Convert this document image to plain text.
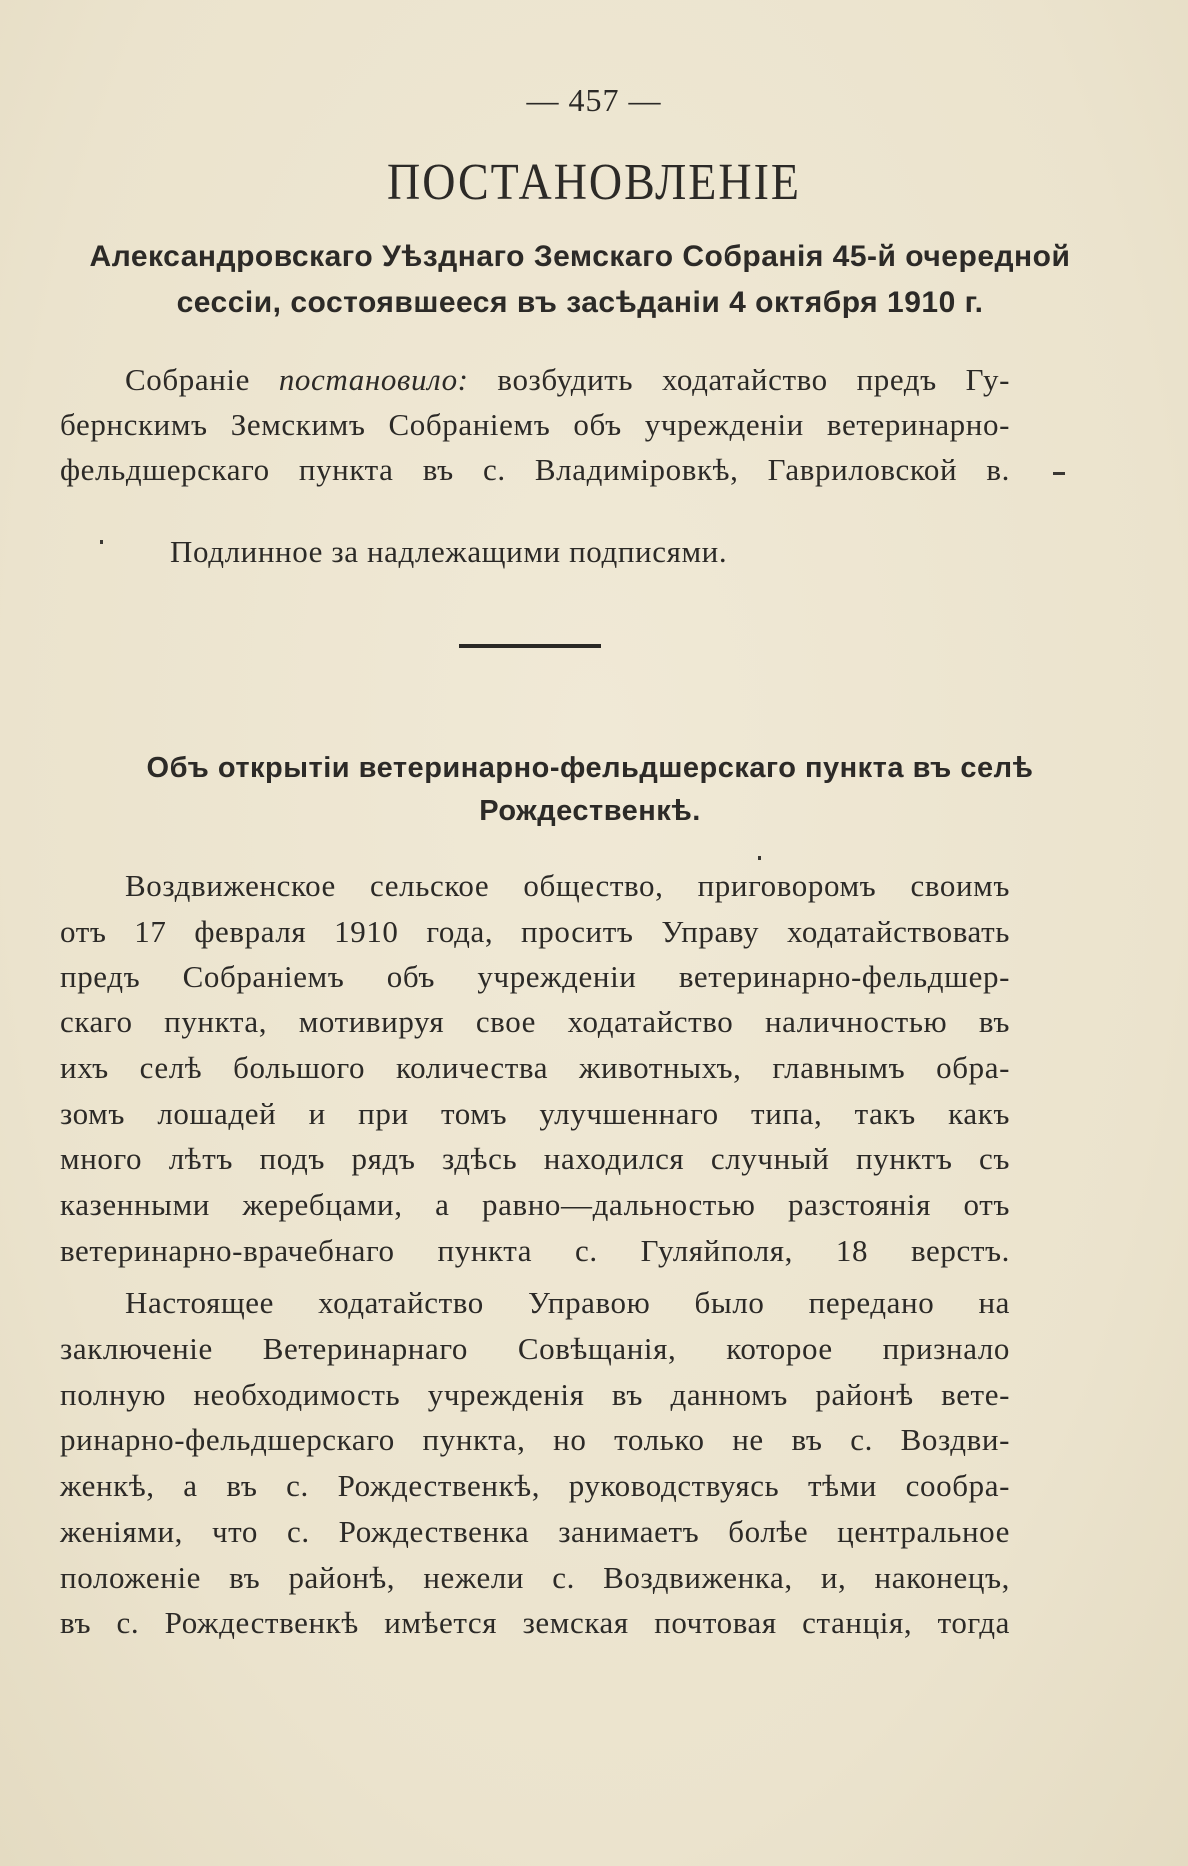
— 457 —
ПОСТАНОВЛЕНІЕ
Александровскаго Уѣзднаго Земскаго Собранія 45-й очередной
сессіи, состоявшееся въ засѣданіи 4 октября 1910 г.
Собраніе постановило: возбудить ходатайство предъ Гу-
бернскимъ Земскимъ Собраніемъ объ учрежденіи ветеринарно-
фельдшерскаго пункта въ с. Владиміровкѣ, Гавриловской в.
Подлинное за надлежащими подписями.
Объ открытіи ветеринарно-фельдшерскаго пункта въ селѣ
Рождественкѣ.
Воздвиженское сельское общество, приговоромъ своимъ
отъ 17 февраля 1910 года, проситъ Управу ходатайствовать
предъ Собраніемъ объ учрежденіи ветеринарно-фельдшер-
скаго пункта, мотивируя свое ходатайство наличностью въ
ихъ селѣ большого количества животныхъ, главнымъ обра-
зомъ лошадей и при томъ улучшеннаго типа, такъ какъ
много лѣтъ подъ рядъ здѣсь находился случный пунктъ съ
казенными жеребцами, а равно—дальностью разстоянія отъ
ветеринарно-врачебнаго пункта с. Гуляйполя, 18 верстъ.
Настоящее ходатайство Управою было передано на
заключеніе Ветеринарнаго Совѣщанія, которое признало
полную необходимость учрежденія въ данномъ районѣ вете-
ринарно-фельдшерскаго пункта, но только не въ с. Воздви-
женкѣ, а въ с. Рождественкѣ, руководствуясь тѣми сообра-
женіями, что с. Рождественка занимаетъ болѣе центральное
положеніе въ районѣ, нежели с. Воздвиженка, и, наконецъ,
въ с. Рождественкѣ имѣется земская почтовая станція, тогда
